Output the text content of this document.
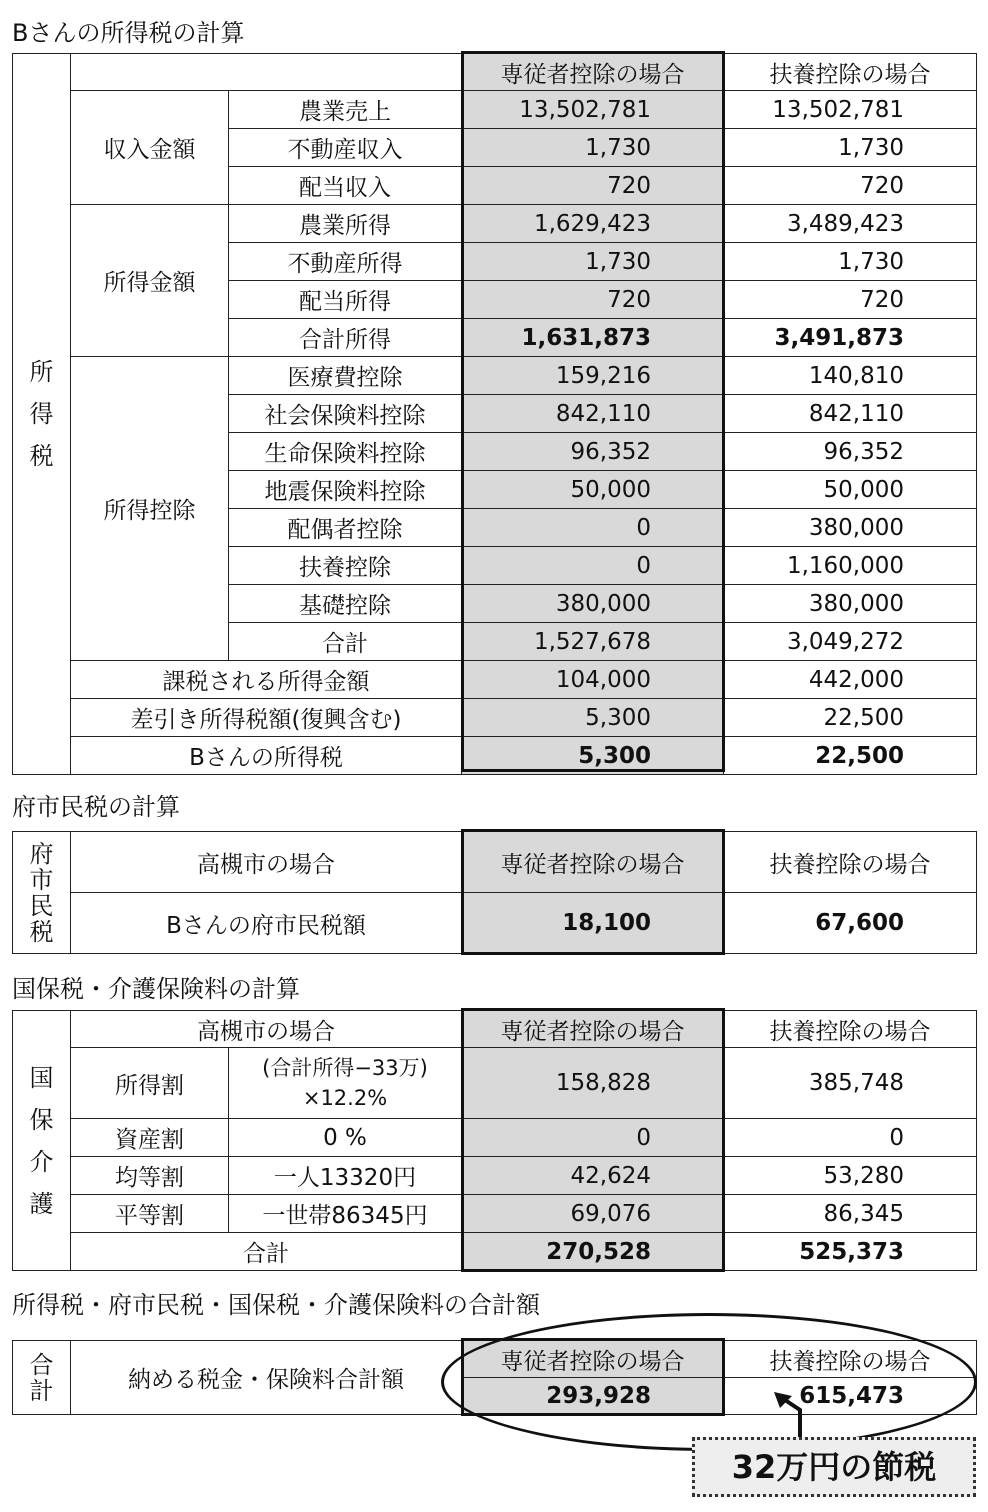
Bさんの所得税の計算
所
得
税			専従者控除の場合	扶養控除の場合
	収入金額	農業売上	13,502,781	13,502,781
		不動産収入	1,730	1,730
		配当収入	720	720
	所得金額	農業所得	1,629,423	3,489,423
		不動産所得	1,730	1,730
		配当所得	720	720
		合計所得	1,631,873	3,491,873
	所得控除	医療費控除	159,216	140,810
		社会保険料控除	842,110	842,110
		生命保険料控除	96,352	96,352
		地震保険料控除	50,000	50,000
		配偶者控除	0	380,000
		扶養控除	0	1,160,000
		基礎控除	380,000	380,000
		合計	1,527,678	3,049,272
	課税される所得金額		104,000	442,000
	差引き所得税額(復興含む)		5,300	22,500
	Bさんの所得税		5,300	22,500
府市民税の計算
府
市
民
税	高槻市の場合	専従者控除の場合	扶養控除の場合
	Bさんの府市民税額	18,100	67,600
国保税・介護保険料の計算
国
保
介
護	高槻市の場合		専従者控除の場合	扶養控除の場合
	所得割	(合計所得−33万)
×12.2%	158,828	385,748
	資産割	0 %	0	0
	均等割	一人13320円	42,624	53,280
	平等割	一世帯86345円	69,076	86,345
	合計		270,528	525,373
所得税・府市民税・国保税・介護保険料の合計額
合
計	納める税金・保険料合計額	専従者控除の場合	扶養控除の場合
		293,928	615,473
32万円の節税
